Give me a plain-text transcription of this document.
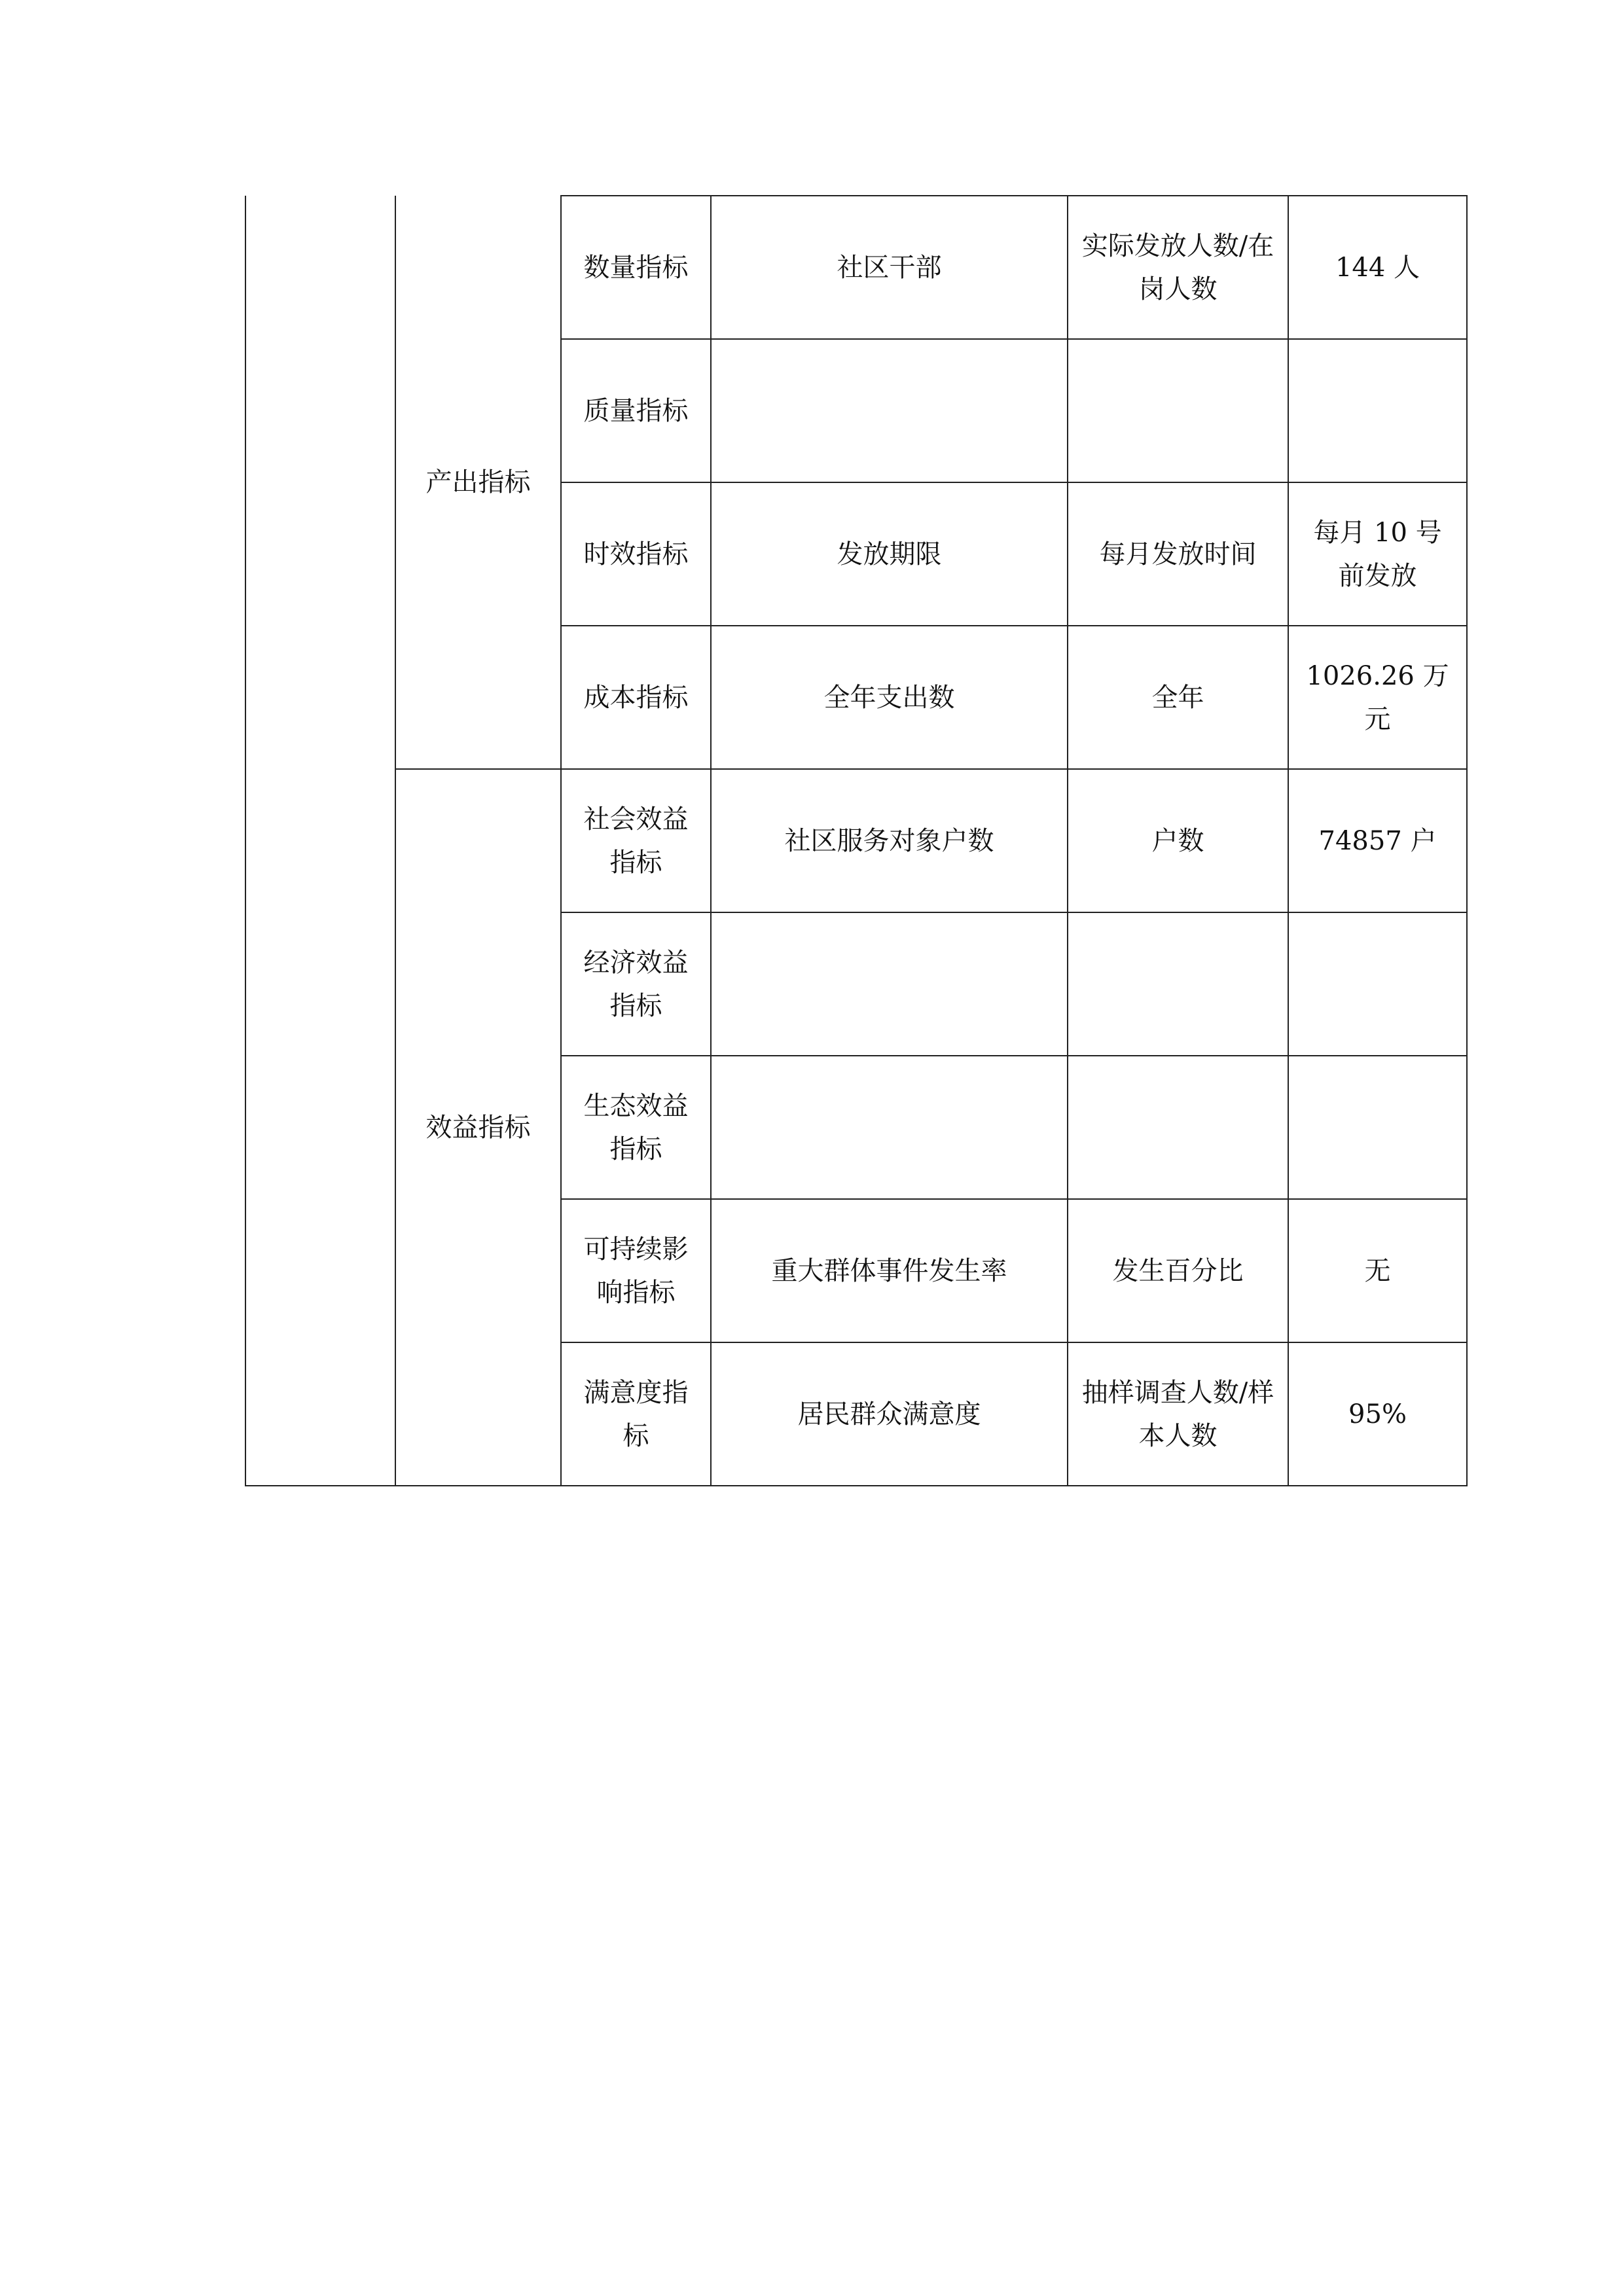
	产出指标	数量指标	社区干部	实际发放人数/在岗人数	144 人
		质量指标			
		时效指标	发放期限	每月发放时间	每月 10 号前发放
		成本指标	全年支出数	全年	1026.26 万元
	效益指标	社会效益指标	社区服务对象户数	户数	74857 户
		经济效益指标			
		生态效益指标			
		可持续影响指标	重大群体事件发生率	发生百分比	无
		满意度指标	居民群众满意度	抽样调查人数/样本人数	95%
